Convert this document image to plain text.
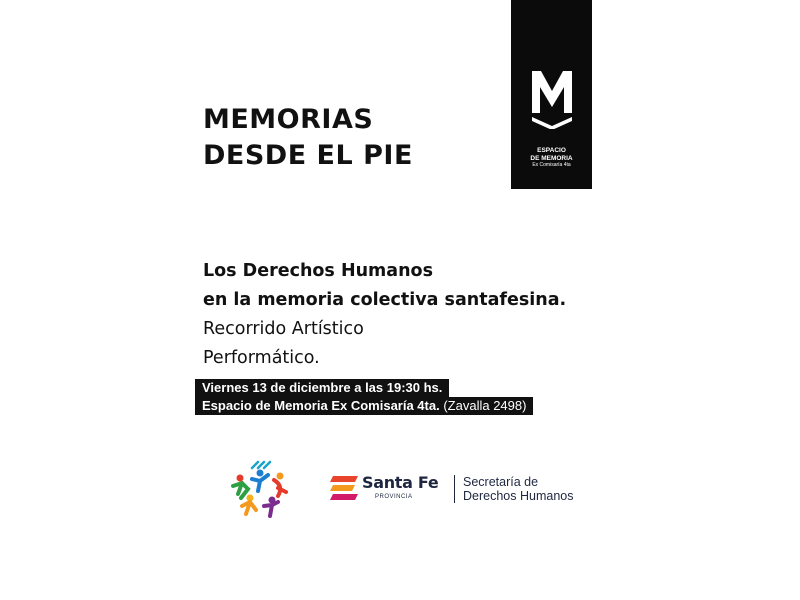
MEMORIAS
DESDE EL PIE	ESPACIO
DE MEMORIA
Ex Comisaría 4ta
Los Derechos Humanos
en la memoria colectiva santafesina.
Recorrido Artístico
Performático.
Viernes 13 de diciembre a las 19:30 hs.
Espacio de Memoria Ex Comisaría 4ta. (Zavalla 2498)
Santa Fe
PROVINCIA
Secretaría de
Derechos Humanos
